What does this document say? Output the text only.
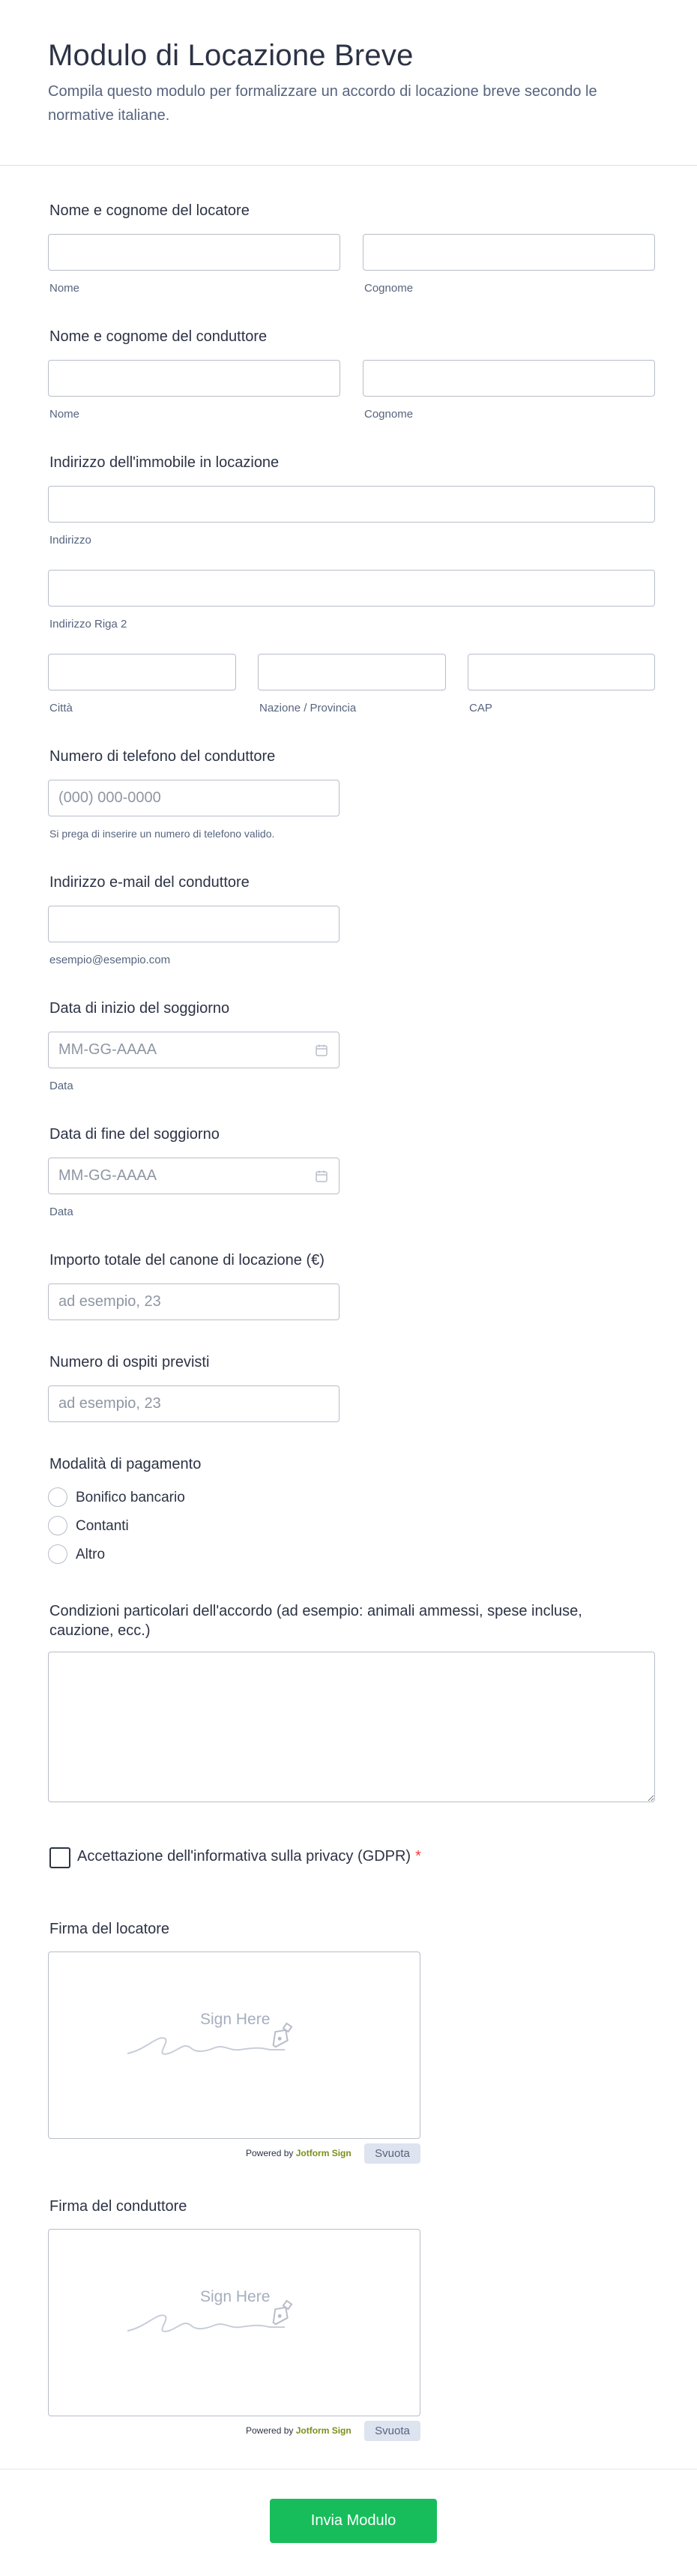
Modulo di Locazione Breve
Compila questo modulo per formalizzare un accordo di locazione breve secondo le normative italiane.
Nome e cognome del locatore
Nome	Cognome
Nome e cognome del conduttore
Nome	Cognome
Indirizzo dell'immobile in locazione
Indirizzo
Indirizzo Riga 2
Città	Nazione / Provincia	CAP
Numero di telefono del conduttore
(000) 000-0000
Si prega di inserire un numero di telefono valido.
Indirizzo e-mail del conduttore
esempio@esempio.com
Data di inizio del soggiorno
MM-GG-AAAA
Data
Data di fine del soggiorno
MM-GG-AAAA
Data
Importo totale del canone di locazione (€)
ad esempio, 23
Numero di ospiti previsti
ad esempio, 23
Modalità di pagamento
Bonifico bancario
Contanti
Altro
Condizioni particolari dell'accordo (ad esempio: animali ammessi, spese incluse, cauzione, ecc.)
Accettazione dell'informativa sulla privacy (GDPR) *
Firma del locatore
Sign Here
Powered by Jotform Sign	Svuota
Firma del conduttore
Sign Here
Powered by Jotform Sign	Svuota
Invia Modulo
